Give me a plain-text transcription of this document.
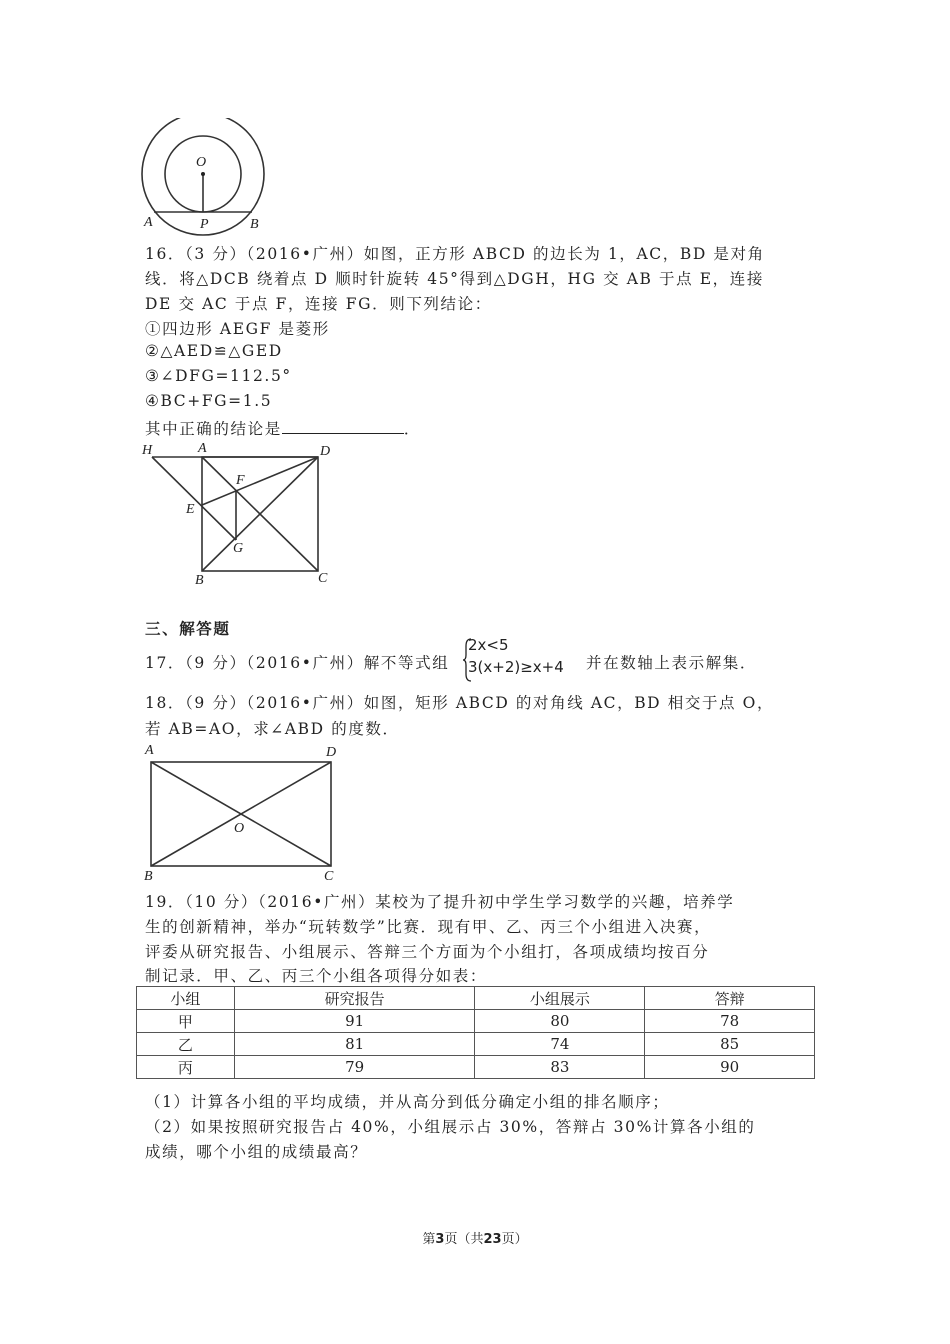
O
A	P	B
16．（3 分）（2016•广州）如图，正方形 ABCD 的边长为 1，AC，BD 是对角
线．将△DCB 绕着点 D 顺时针旋转 45°得到△DGH，HG 交 AB 于点 E，连接
DE 交 AC 于点 F，连接 FG．则下列结论：
①四边形 AEGF 是菱形
②△AED≌△GED
③∠DFG=112.5°
④BC+FG=1.5
其中正确的结论是	．
H	A	D
F
E
G
B	C
三、解答题
17．（9 分）（2016•广州）解不等式组
2x<5
3(x+2)≥x+4 并在数轴上表示解集．
18．（9 分）（2016•广州）如图，矩形 ABCD 的对角线 AC，BD 相交于点 O，
若 AB=AO，求∠ABD 的度数．
A	D
O
B	C
19．（10 分）（2016•广州）某校为了提升初中学生学习数学的兴趣，培养学
生的创新精神，举办“玩转数学”比赛．现有甲、乙、丙三个小组进入决赛，
评委从研究报告、小组展示、答辩三个方面为个小组打，各项成绩均按百分
制记录．甲、乙、丙三个小组各项得分如表：
小组	研究报告	小组展示	答辩
甲	91	80	78
乙	81	74	85
丙	79	83	90
（1）计算各小组的平均成绩，并从高分到低分确定小组的排名顺序；
（2）如果按照研究报告占 40%，小组展示占 30%，答辩占 30%计算各小组的
成绩，哪个小组的成绩最高？
第3页（共23页）
